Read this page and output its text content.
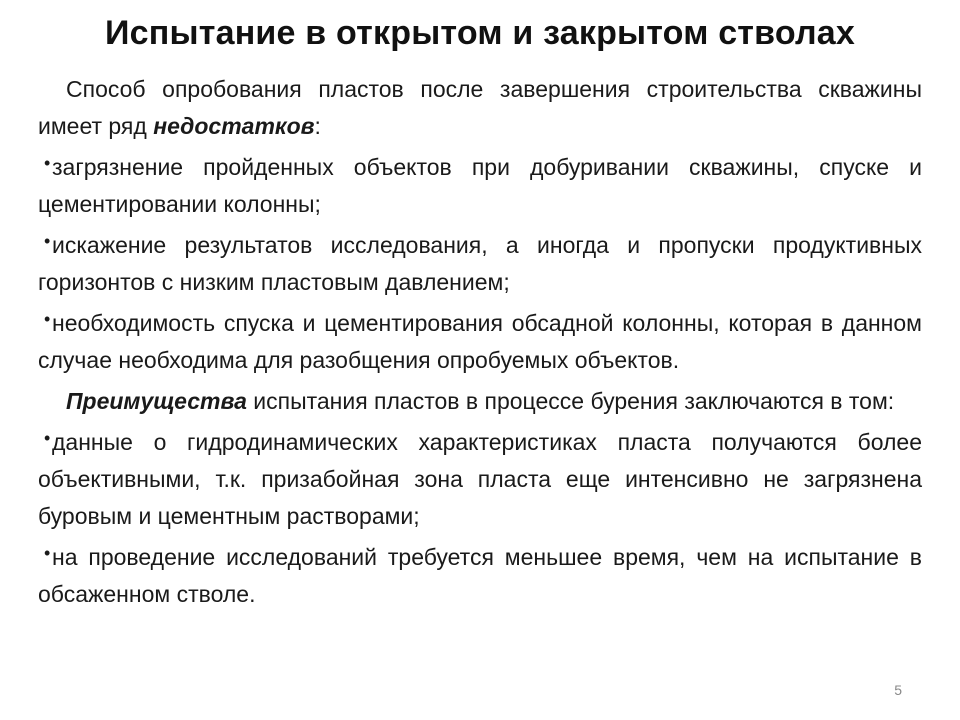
Испытание в открытом и закрытом стволах

Способ опробования пластов после завершения строительства скважины имеет ряд недостатков:

• загрязнение пройденных объектов при добуривании скважины, спуске и цементировании колонны;

• искажение результатов исследования, а иногда и пропуски продуктивных горизонтов с низким пластовым давлением;

• необходимость спуска и цементирования обсадной колонны, которая в данном случае необходима для разобщения опробуемых объектов.

Преимущества испытания пластов в процессе бурения заключаются в том:

• данные о гидродинамических характеристиках пласта получаются более объективными, т.к. призабойная зона пласта еще интенсивно не загрязнена буровым и цементным растворами;

• на проведение исследований требуется меньшее время, чем на испытание в обсаженном стволе.

5
